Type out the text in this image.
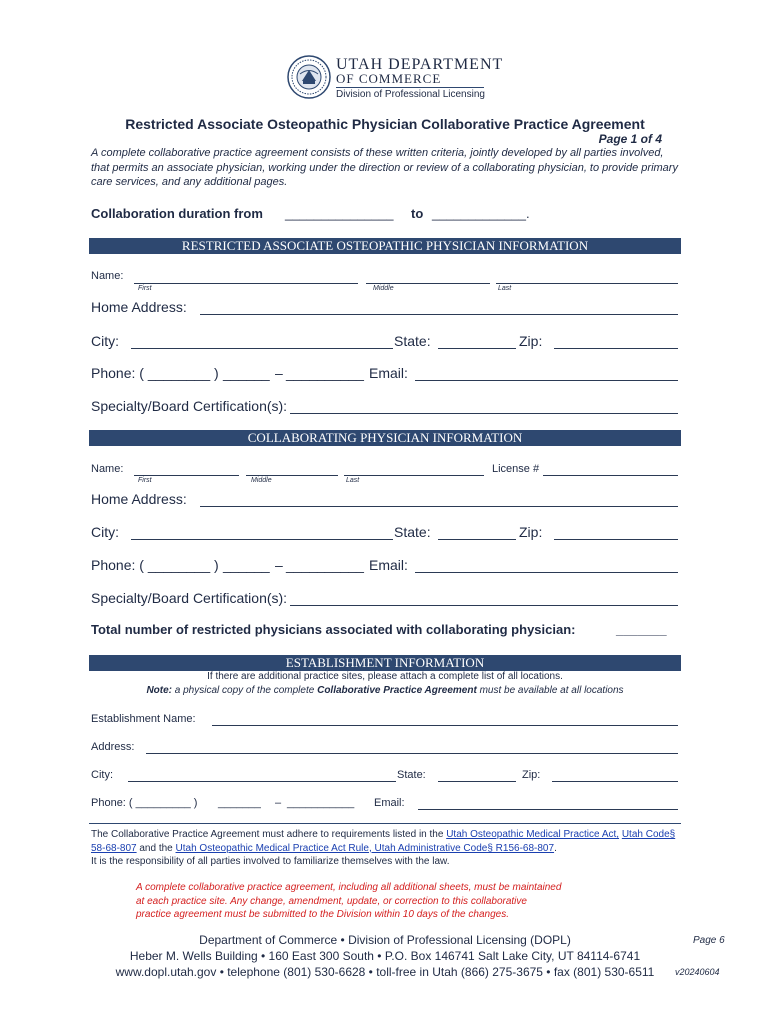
UTAH DEPARTMENT
OF COMMERCE
Division of Professional Licensing
Restricted Associate Osteopathic Physician Collaborative Practice Agreement
Page 1 of 4
A complete collaborative practice agreement consists of these written criteria, jointly developed by all parties involved, that permits an associate physician, working under the direction or review of a collaborating physician, to provide primary care services, and any additional pages.
Collaboration duration from _______________ to _____________.
RESTRICTED ASSOCIATE OSTEOPATHIC PHYSICIAN INFORMATION
Name:
First	Middle	Last
Home Address:
City:	State:	Zip:
Phone: ( ________ ) ______ – __________ Email:
Specialty/Board Certification(s):
COLLABORATING PHYSICIAN INFORMATION
Name:
First	Middle	Last
License #
Home Address:
City:	State:	Zip:
Phone: ( ________ ) ______ – __________ Email:
Specialty/Board Certification(s):
Total number of restricted physicians associated with collaborating physician:	_______
ESTABLISHMENT INFORMATION
If there are additional practice sites, please attach a complete list of all locations.
Note: a physical copy of the complete Collaborative Practice Agreement must be available at all locations
Establishment Name:
Address:
City:	State:	Zip:
Phone: ( _________ ) _______ – ___________ Email:
The Collaborative Practice Agreement must adhere to requirements listed in the Utah Osteopathic Medical Practice Act, Utah Code§ 58-68-807 and the Utah Osteopathic Medical Practice Act Rule, Utah Administrative Code§ R156-68-807.
It is the responsibility of all parties involved to familiarize themselves with the law.
A complete collaborative practice agreement, including all additional sheets, must be maintained
at each practice site. Any change, amendment, update, or correction to this collaborative
practice agreement must be submitted to the Division within 10 days of the changes.
Department of Commerce • Division of Professional Licensing (DOPL)
Heber M. Wells Building • 160 East 300 South • P.O. Box 146741 Salt Lake City, UT 84114-6741
www.dopl.utah.gov • telephone (801) 530-6628 • toll-free in Utah (866) 275-3675 • fax (801) 530-6511
Page 6
v20240604
